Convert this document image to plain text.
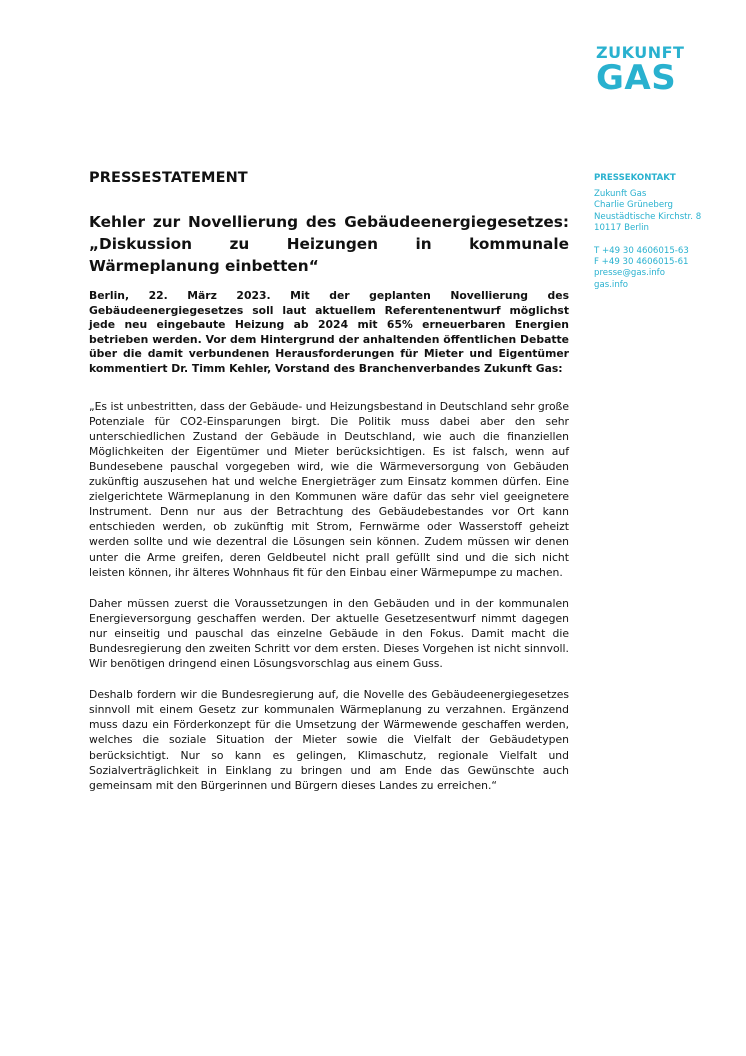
ZUKUNFT
GAS
PRESSESTATEMENT
Kehler zur Novellierung des Gebäudeenergiegesetzes: „Diskussion zu Heizungen in kommunale Wärmeplanung einbetten“

Berlin, 22. März 2023. Mit der geplanten Novellierung des Gebäudeenergiegesetzes soll laut aktuellem Referentenentwurf möglichst jede neu eingebaute Heizung ab 2024 mit 65% erneuerbaren Energien betrieben werden. Vor dem Hintergrund der anhaltenden öffentlichen Debatte über die damit verbundenen Herausforderungen für Mieter und Eigentümer kommentiert Dr. Timm Kehler, Vorstand des Branchenverbandes Zukunft Gas:

„Es ist unbestritten, dass der Gebäude- und Heizungsbestand in Deutschland sehr große Potenziale für CO2-Einsparungen birgt. Die Politik muss dabei aber den sehr unterschiedlichen Zustand der Gebäude in Deutschland, wie auch die finanziellen Möglichkeiten der Eigentümer und Mieter berücksichtigen. Es ist falsch, wenn auf Bundesebene pauschal vorgegeben wird, wie die Wärmeversorgung von Gebäuden zukünftig auszusehen hat und welche Energieträger zum Einsatz kommen dürfen. Eine zielgerichtete Wärmeplanung in den Kommunen wäre dafür das sehr viel geeignetere Instrument. Denn nur aus der Betrachtung des Gebäudebestandes vor Ort kann entschieden werden, ob zukünftig mit Strom, Fernwärme oder Wasserstoff geheizt werden sollte und wie dezentral die Lösungen sein können. Zudem müssen wir denen unter die Arme greifen, deren Geldbeutel nicht prall gefüllt sind und die sich nicht leisten können, ihr älteres Wohnhaus fit für den Einbau einer Wärmepumpe zu machen.

Daher müssen zuerst die Voraussetzungen in den Gebäuden und in der kommunalen Energieversorgung geschaffen werden. Der aktuelle Gesetzesentwurf nimmt dagegen nur einseitig und pauschal das einzelne Gebäude in den Fokus. Damit macht die Bundesregierung den zweiten Schritt vor dem ersten. Dieses Vorgehen ist nicht sinnvoll. Wir benötigen dringend einen Lösungsvorschlag aus einem Guss.

Deshalb fordern wir die Bundesregierung auf, die Novelle des Gebäudeenergiegesetzes sinnvoll mit einem Gesetz zur kommunalen Wärmeplanung zu verzahnen. Ergänzend muss dazu ein Förderkonzept für die Umsetzung der Wärmewende geschaffen werden, welches die soziale Situation der Mieter sowie die Vielfalt der Gebäudetypen berücksichtigt. Nur so kann es gelingen, Klimaschutz, regionale Vielfalt und Sozialverträglichkeit in Einklang zu bringen und am Ende das Gewünschte auch gemeinsam mit den Bürgerinnen und Bürgern dieses Landes zu erreichen.“

PRESSEKONTAKT
Zukunft Gas
Charlie Grüneberg
Neustädtische Kirchstr. 8
10117 Berlin
T +49 30 4606015-63
F +49 30 4606015-61
presse@gas.info
gas.info
